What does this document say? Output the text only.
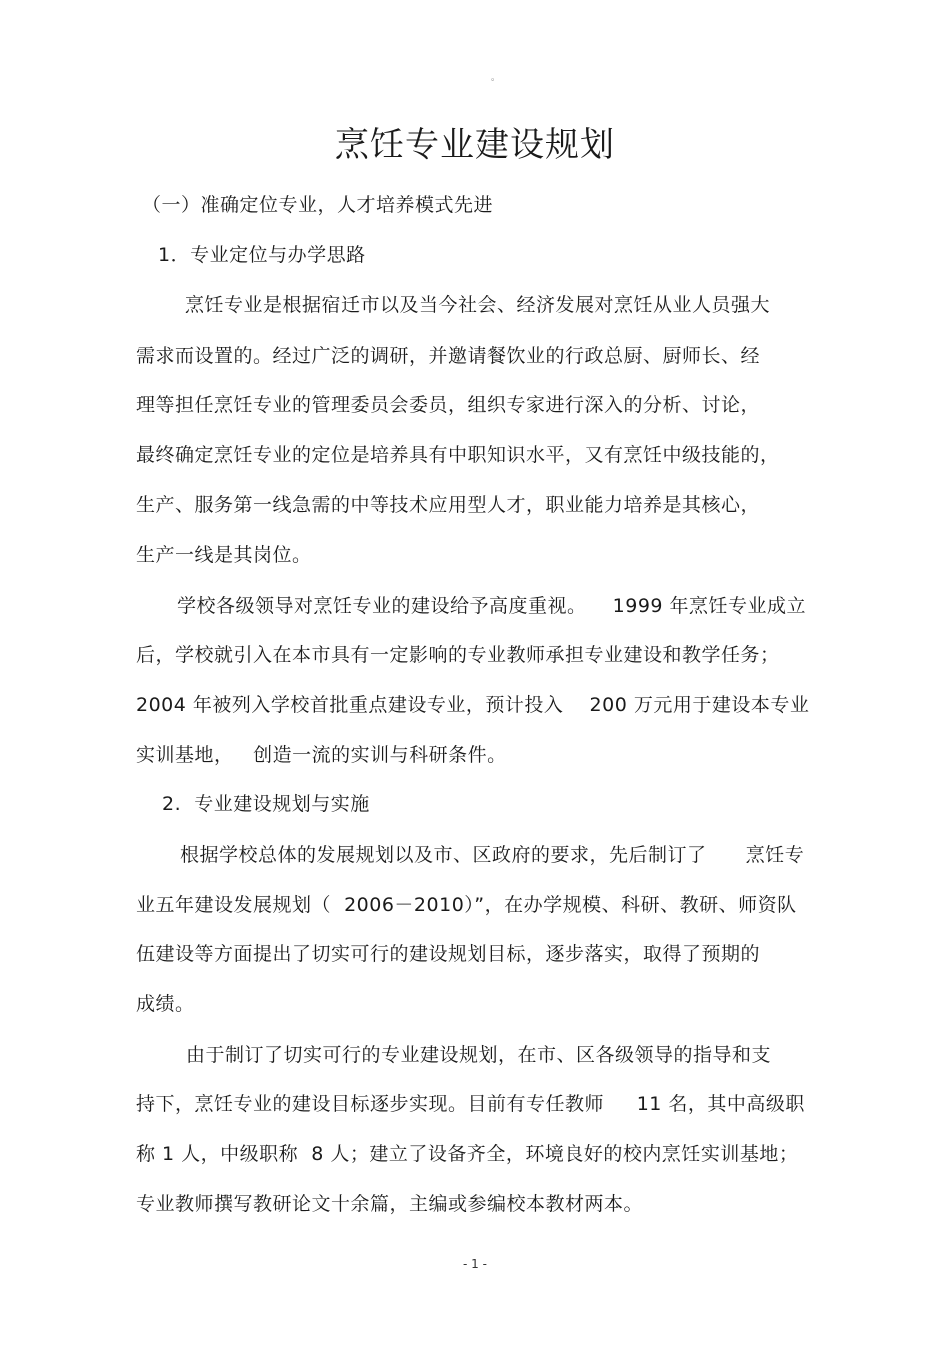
。
烹饪专业建设规划
（一）准确定位专业，人才培养模式先进
1．专业定位与办学思路
烹饪专业是根据宿迁市以及当今社会、经济发展对烹饪从业人员强大
需求而设置的。经过广泛的调研，并邀请餐饮业的行政总厨、厨师长、经
理等担任烹饪专业的管理委员会委员，组织专家进行深入的分析、讨论，
最终确定烹饪专业的定位是培养具有中职知识水平，又有烹饪中级技能的，
生产、服务第一线急需的中等技术应用型人才，职业能力培养是其核心，
生产一线是其岗位。
学校各级领导对烹饪专业的建设给予高度重视。    1999 年烹饪专业成立
后，学校就引入在本市具有一定影响的专业教师承担专业建设和教学任务；
2004 年被列入学校首批重点建设专业，预计投入    200 万元用于建设本专业
实训基地，   创造一流的实训与科研条件。
2.  专业建设规划与实施
根据学校总体的发展规划以及市、区政府的要求，先后制订了      烹饪专
业五年建设发展规划（  2006－2010）”，在办学规模、科研、教研、师资队
伍建设等方面提出了切实可行的建设规划目标，逐步落实，取得了预期的
成绩。
由于制订了切实可行的专业建设规划，在市、区各级领导的指导和支
持下，烹饪专业的建设目标逐步实现。目前有专任教师     11 名，其中高级职
称 1 人，中级职称  8 人；建立了设备齐全，环境良好的校内烹饪实训基地；
专业教师撰写教研论文十余篇，主编或参编校本教材两本。
- 1 -
